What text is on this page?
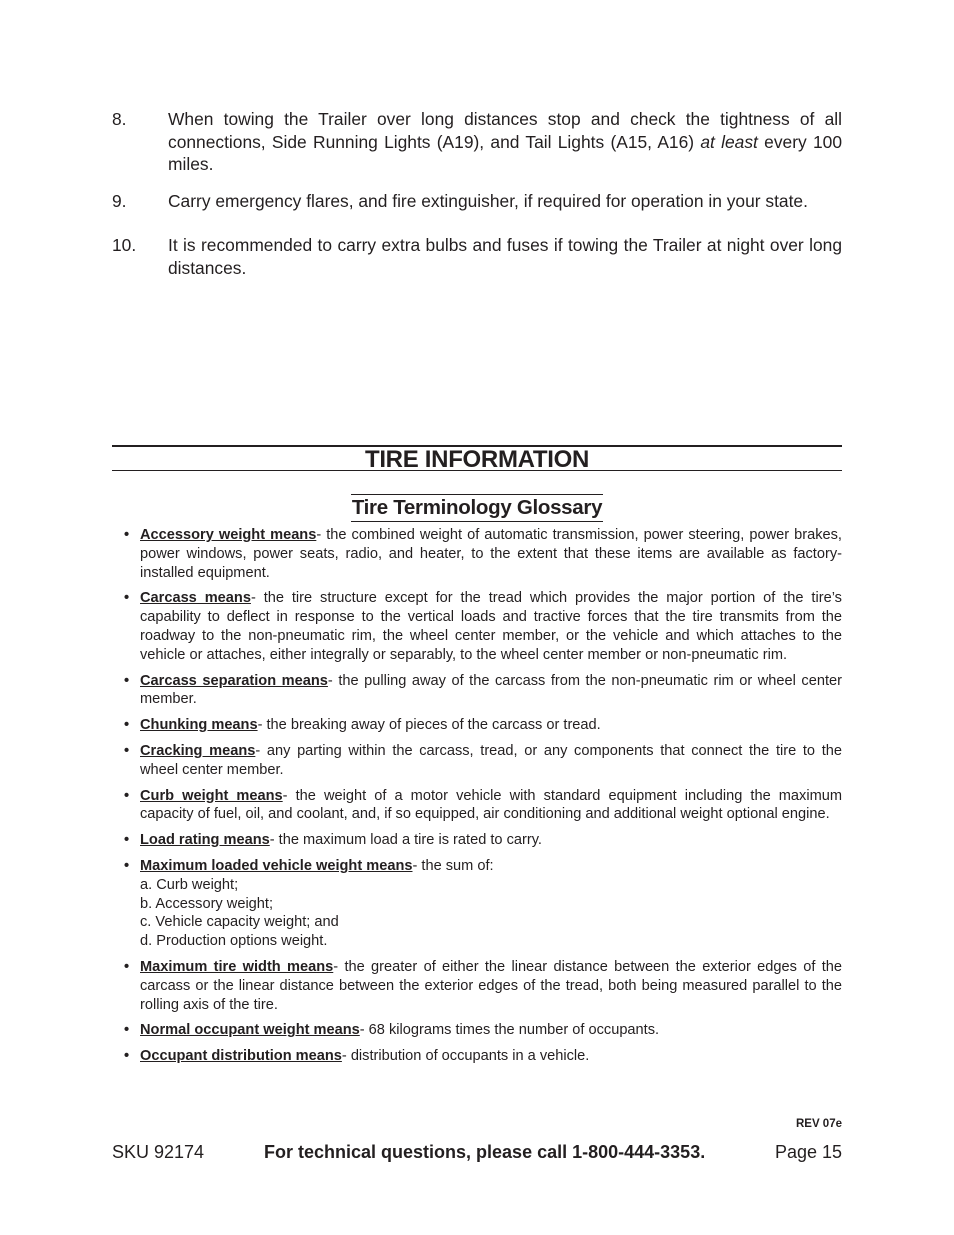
8. When towing the Trailer over long distances stop and check the tightness of all connections, Side Running Lights (A19), and Tail Lights (A15, A16) at least every 100 miles.
9. Carry emergency flares, and fire extinguisher, if required for operation in your state.
10. It is recommended to carry extra bulbs and fuses if towing the Trailer at night over long distances.
TIRE INFORMATION
Tire Terminology Glossary
• Accessory weight means- the combined weight of automatic transmission, power steering, power brakes, power windows, power seats, radio, and heater, to the extent that these items are available as factory-installed equipment.
• Carcass means- the tire structure except for the tread which provides the major portion of the tire’s capability to deflect in response to the vertical loads and tractive forces that the tire transmits from the roadway to the non-pneumatic rim, the wheel center member, or the vehicle and which attaches to the vehicle or attaches, either integrally or separably, to the wheel center member or non-pneumatic rim.
• Carcass separation means- the pulling away of the carcass from the non-pneumatic rim or wheel center member.
• Chunking means- the breaking away of pieces of the carcass or tread.
• Cracking means- any parting within the carcass, tread, or any components that connect the tire to the wheel center member.
• Curb weight means- the weight of a motor vehicle with standard equipment including the maximum capacity of fuel, oil, and coolant, and, if so equipped, air conditioning and additional weight optional engine.
• Load rating means- the maximum load a tire is rated to carry.
• Maximum loaded vehicle weight means- the sum of:
a. Curb weight;
b. Accessory weight;
c. Vehicle capacity weight; and
d. Production options weight.
• Maximum tire width means- the greater of either the linear distance between the exterior edges of the carcass or the linear distance between the exterior edges of the tread, both being measured parallel to the rolling axis of the tire.
• Normal occupant weight means- 68 kilograms times the number of occupants.
• Occupant distribution means- distribution of occupants in a vehicle.
REV 07e
SKU 92174	For technical questions, please call 1-800-444-3353.	Page 15
